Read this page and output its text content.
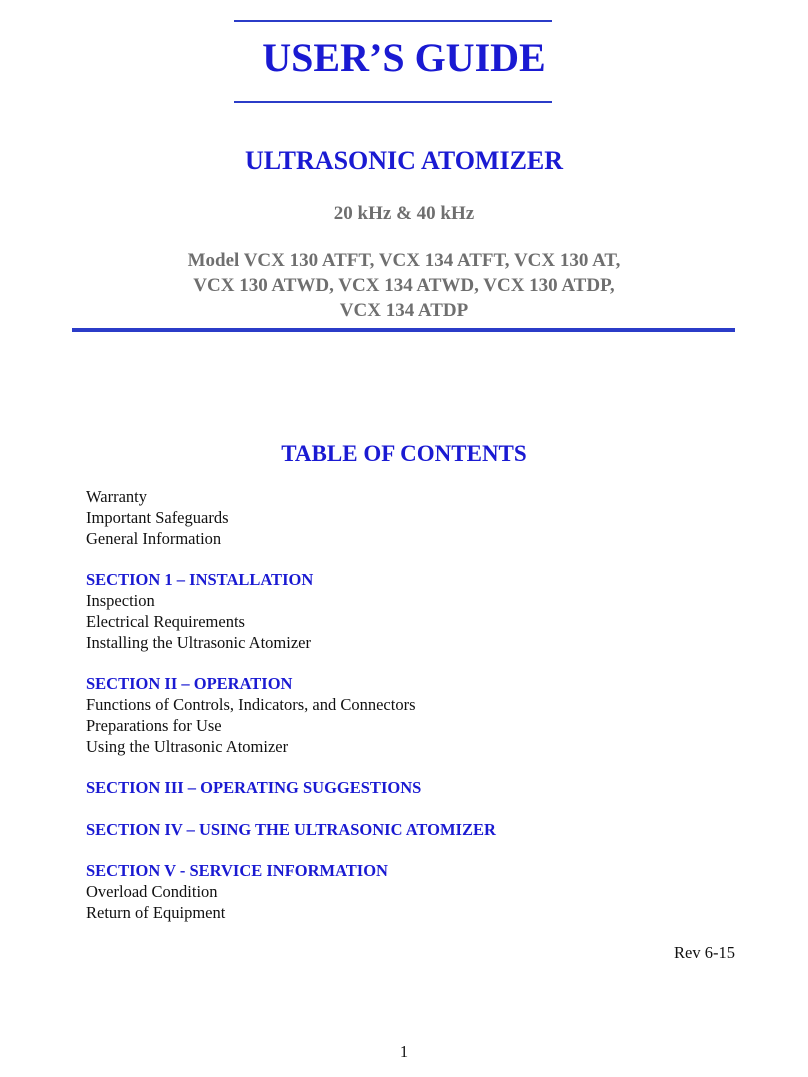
USER’S GUIDE
ULTRASONIC ATOMIZER
20 kHz & 40 kHz
Model VCX 130 ATFT, VCX 134 ATFT, VCX 130 AT,
VCX 130 ATWD, VCX 134 ATWD, VCX 130 ATDP,
VCX 134 ATDP
TABLE OF CONTENTS
Warranty
Important Safeguards
General Information
SECTION 1 – INSTALLATION
Inspection
Electrical Requirements
Installing the Ultrasonic Atomizer
SECTION II – OPERATION
Functions of Controls, Indicators, and Connectors
Preparations for Use
Using the Ultrasonic Atomizer
SECTION III – OPERATING SUGGESTIONS
SECTION IV – USING THE ULTRASONIC ATOMIZER
SECTION V - SERVICE INFORMATION
Overload Condition
Return of Equipment
Rev 6-15
1
